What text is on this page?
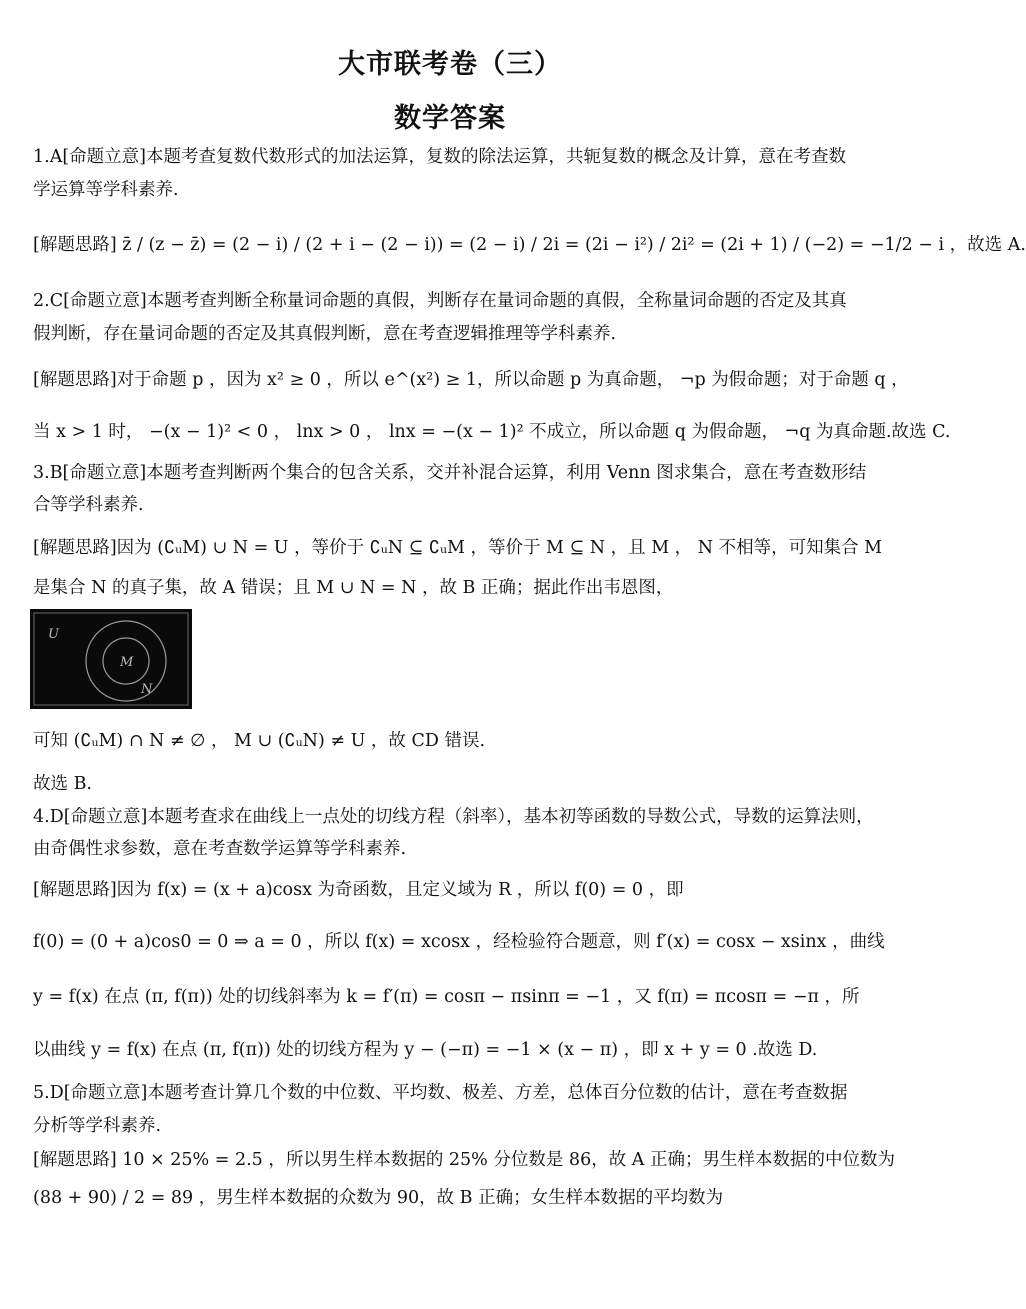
大市联考卷（三）
数学答案
1.A[命题立意]本题考查复数代数形式的加法运算，复数的除法运算，共轭复数的概念及计算，意在考查数
学运算等学科素养.
[解题思路] z̄ / (z − z̄) = (2 − i) / (2 + i − (2 − i)) = (2 − i) / 2i = (2i − i²) / 2i² = (2i + 1) / (−2) = −1/2 − i ，故选 A.
2.C[命题立意]本题考查判断全称量词命题的真假，判断存在量词命题的真假，全称量词命题的否定及其真
假判断，存在量词命题的否定及其真假判断，意在考查逻辑推理等学科素养.
[解题思路]对于命题 p ，因为 x² ≥ 0 ，所以 e^(x²) ≥ 1，所以命题 p 为真命题， ¬p 为假命题；对于命题 q ，
当 x > 1 时， −(x − 1)² < 0 ， lnx > 0 ， lnx = −(x − 1)² 不成立，所以命题 q 为假命题， ¬q 为真命题.故选 C.
3.B[命题立意]本题考查判断两个集合的包含关系，交并补混合运算，利用 Venn 图求集合，意在考查数形结
合等学科素养.
[解题思路]因为 (∁ᵤM) ∪ N = U ，等价于 ∁ᵤN ⊆ ∁ᵤM ，等价于 M ⊆ N ，且 M ， N 不相等，可知集合 M
是集合 N 的真子集，故 A 错误；且 M ∪ N = N ，故 B 正确；据此作出韦恩图，
U
M
N
可知 (∁ᵤM) ∩ N ≠ ∅ ， M ∪ (∁ᵤN) ≠ U ，故 CD 错误.
故选 B.
4.D[命题立意]本题考查求在曲线上一点处的切线方程（斜率），基本初等函数的导数公式，导数的运算法则，
由奇偶性求参数，意在考查数学运算等学科素养.
[解题思路]因为 f(x) = (x + a)cosx 为奇函数，且定义域为 R ，所以 f(0) = 0 ，即
f(0) = (0 + a)cos0 = 0 ⇒ a = 0 ，所以 f(x) = xcosx ，经检验符合题意，则 f′(x) = cosx − xsinx ，曲线
y = f(x) 在点 (π, f(π)) 处的切线斜率为 k = f′(π) = cosπ − πsinπ = −1 ，又 f(π) = πcosπ = −π ，所
以曲线 y = f(x) 在点 (π, f(π)) 处的切线方程为 y − (−π) = −1 × (x − π) ，即 x + y = 0 .故选 D.
5.D[命题立意]本题考查计算几个数的中位数、平均数、极差、方差，总体百分位数的估计，意在考查数据
分析等学科素养.
[解题思路] 10 × 25% = 2.5 ，所以男生样本数据的 25% 分位数是 86，故 A 正确；男生样本数据的中位数为
(88 + 90) / 2 = 89 ，男生样本数据的众数为 90，故 B 正确；女生样本数据的平均数为
